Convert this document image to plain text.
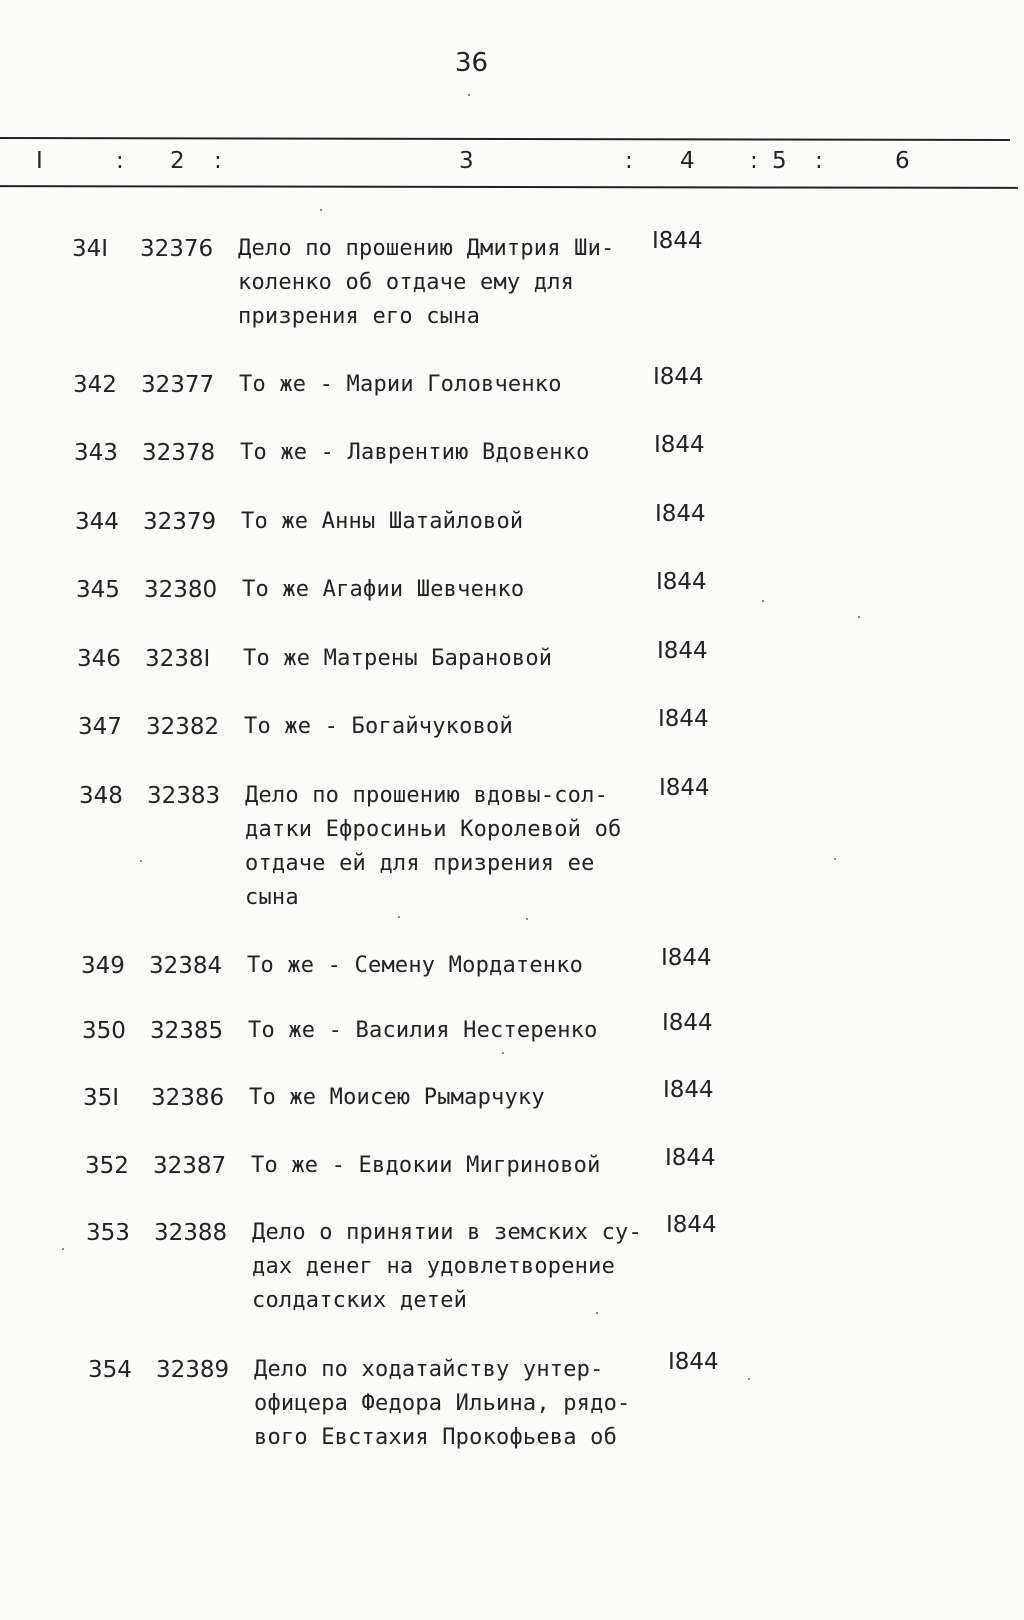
36
I	: 2 :	3	: 4 : 5 :	6
34I 32376 Дело по прошению Дмитрия Ши-
коленко об отдаче ему для
призрения его сына
I844
342 32377 То же - Марии Головченко	I844
343 32378 То же - Лаврентию Вдовенко	I844
344 32379 То же Анны Шатайловой	I844
345 32380 То же Агафии Шевченко	I844
346 3238I То же Матрены Барановой	I844
347 32382 То же - Богайчуковой	I844
348 32383 Дело по прошению вдовы-сол-
датки Ефросиньи Королевой об
отдаче ей для призрения ее
сына
I844
349 32384 То же - Семену Мордатенко	I844
350 32385 То же - Василия Нестеренко	I844
35I 32386 То же Моисею Рымарчуку	I844
352 32387 То же - Евдокии Мигриновой	I844
353 32388 Дело о принятии в земских су-
дах денег на удовлетворение
солдатских детей
I844
354 32389 Дело по ходатайству унтер-
офицера Федора Ильина, рядо-
вого Евстахия Прокофьева об
I844
